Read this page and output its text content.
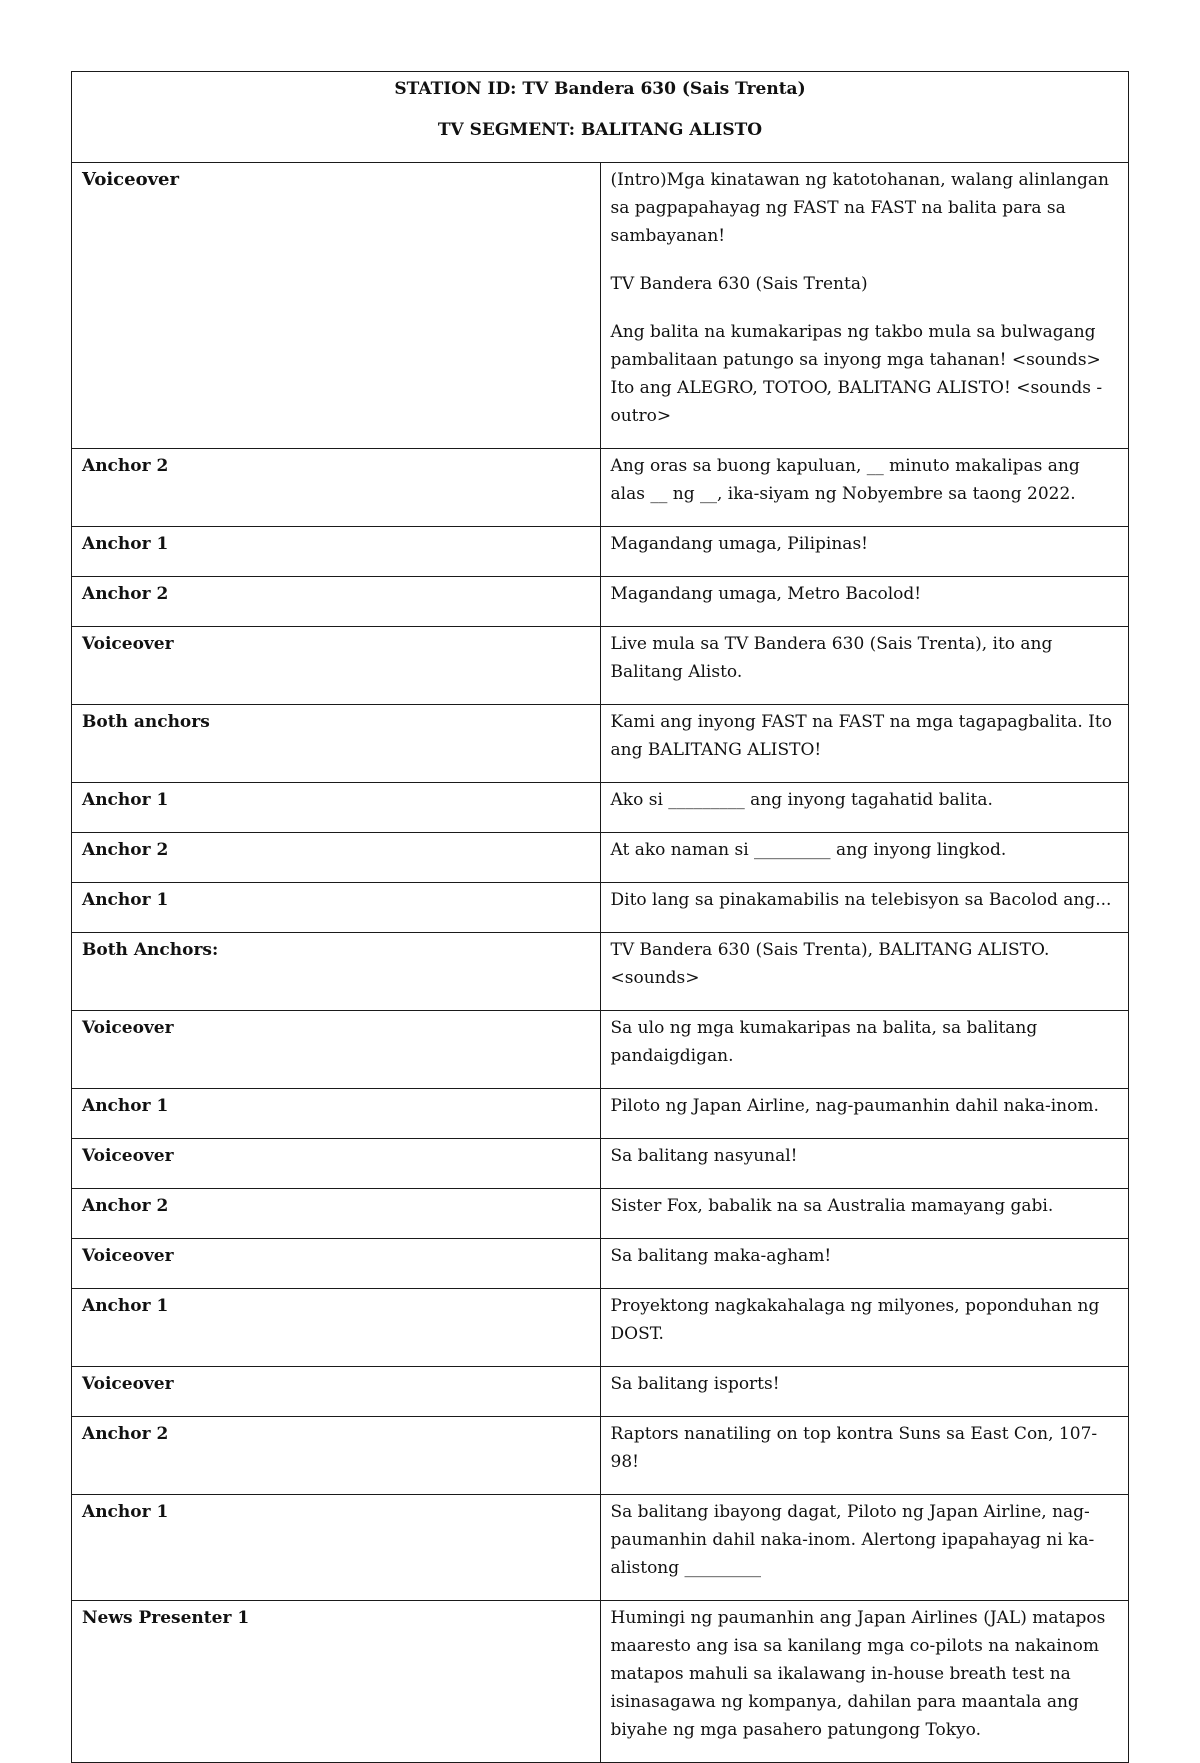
STATION ID: TV Bandera 630 (Sais Trenta)
TV SEGMENT: BALITANG ALISTO	

Voiceover	(Intro)Mga kinatawan ng katotohanan, walang alinlangan sa pagpapahayag ng FAST na FAST na balita para sa sambayanan!

TV Bandera 630 (Sais Trenta)

Ang balita na kumakaripas ng takbo mula sa bulwagang pambalitaan patungo sa inyong mga tahanan! <sounds> Ito ang ALEGRO, TOTOO, BALITANG ALISTO! <sounds - outro>

Anchor 2	Ang oras sa buong kapuluan, __ minuto makalipas ang alas __ ng __, ika-siyam ng Nobyembre sa taong 2022.

Anchor 1	Magandang umaga, Pilipinas!

Anchor 2	Magandang umaga, Metro Bacolod!

Voiceover	Live mula sa TV Bandera 630 (Sais Trenta), ito ang Balitang Alisto.

Both anchors	Kami ang inyong FAST na FAST na mga tagapagbalita. Ito ang BALITANG ALISTO!

Anchor 1	Ako si _________ ang inyong tagahatid balita.

Anchor 2	At ako naman si _________ ang inyong lingkod.

Anchor 1	Dito lang sa pinakamabilis na telebisyon sa Bacolod ang...

Both Anchors:	TV Bandera 630 (Sais Trenta), BALITANG ALISTO. <sounds>

Voiceover	Sa ulo ng mga kumakaripas na balita, sa balitang pandaigdigan.

Anchor 1	Piloto ng Japan Airline, nag-paumanhin dahil naka-inom.

Voiceover	Sa balitang nasyunal!

Anchor 2	Sister Fox, babalik na sa Australia mamayang gabi.

Voiceover	Sa balitang maka-agham!

Anchor 1	Proyektong nagkakahalaga ng milyones, poponduhan ng DOST.

Voiceover	Sa balitang isports!

Anchor 2	Raptors nanatiling on top kontra Suns sa East Con, 107-98!

Anchor 1	Sa balitang ibayong dagat, Piloto ng Japan Airline, nag-paumanhin dahil naka-inom. Alertong ipapahayag ni ka-alistong _________

News Presenter 1	Humingi ng paumanhin ang Japan Airlines (JAL) matapos maaresto ang isa sa kanilang mga co-pilots na nakainom matapos mahuli sa ikalawang in-house breath test na isinasagawa ng kompanya, dahilan para maantala ang biyahe ng mga pasahero patungong Tokyo.
